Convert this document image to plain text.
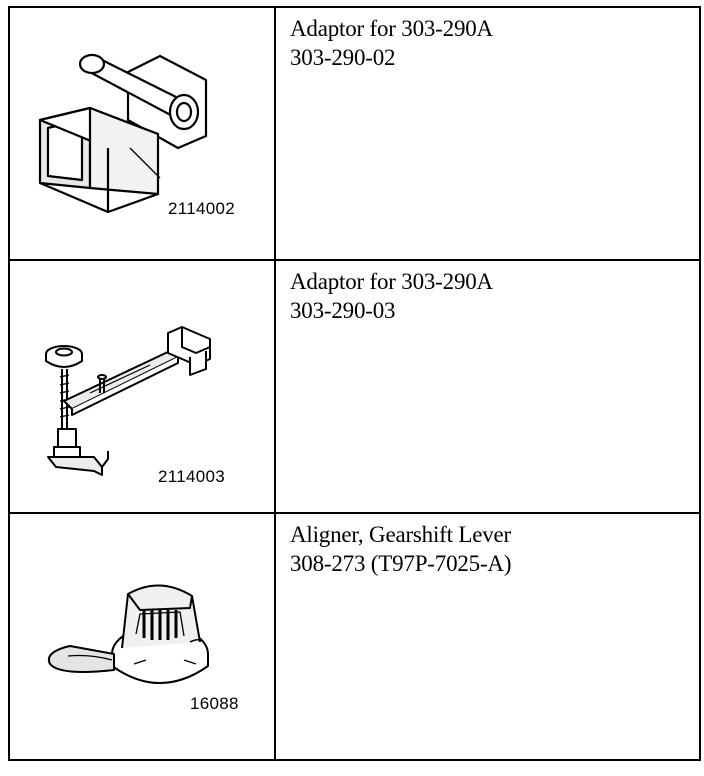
2114002
Adaptor for 303-290A
303-290-02
2114003
Adaptor for 303-290A
303-290-03
16088
Aligner, Gearshift Lever
308-273 (T97P-7025-A)
